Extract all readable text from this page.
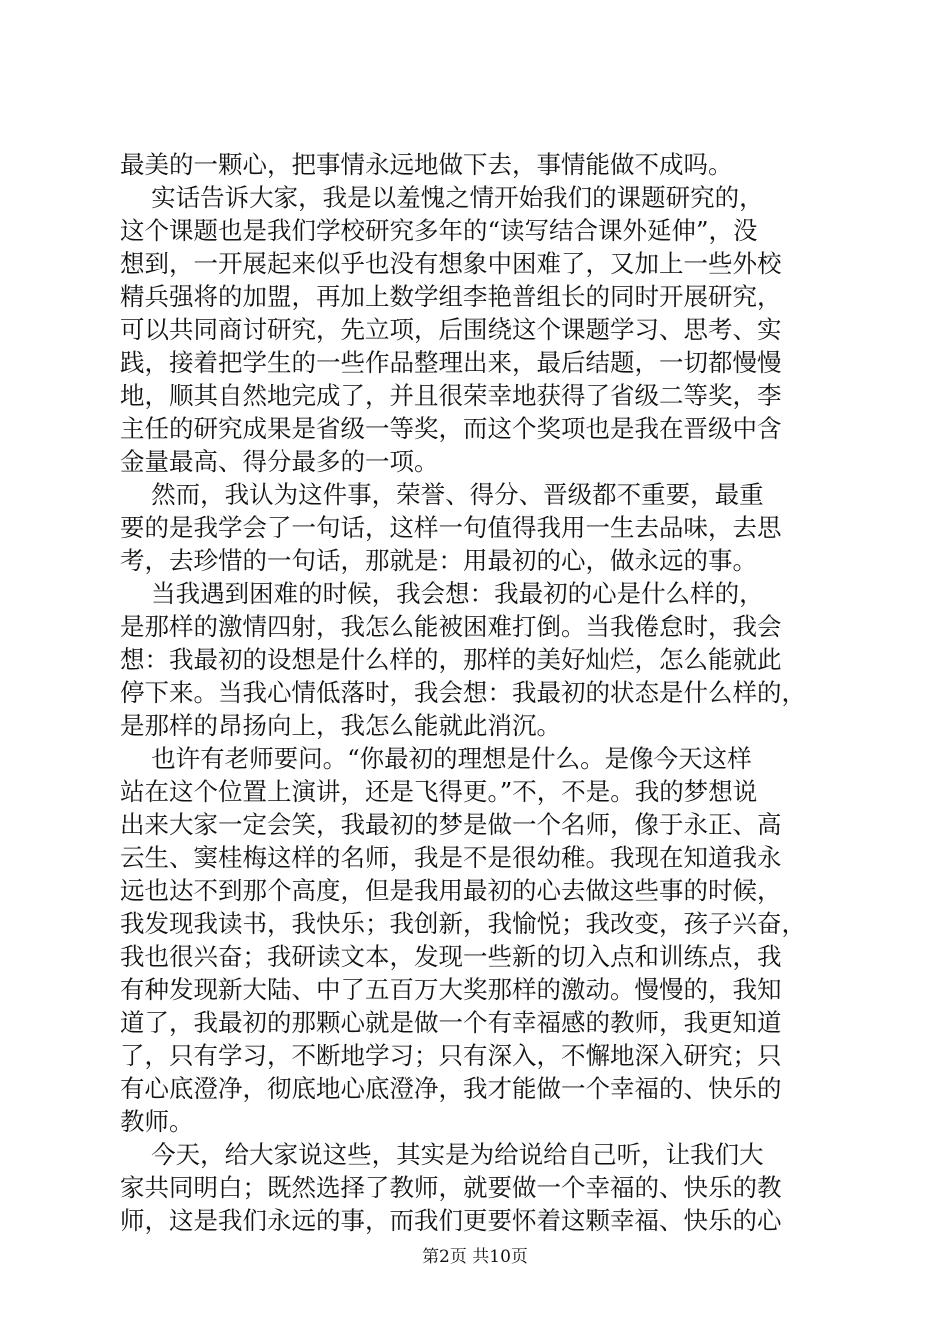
最美的一颗心，把事情永远地做下去，事情能做不成吗。
实话告诉大家，我是以羞愧之情开始我们的课题研究的，
这个课题也是我们学校研究多年的“读写结合课外延伸”，没
想到，一开展起来似乎也没有想象中困难了，又加上一些外校
精兵强将的加盟，再加上数学组李艳普组长的同时开展研究，
可以共同商讨研究，先立项，后围绕这个课题学习、思考、实
践，接着把学生的一些作品整理出来，最后结题，一切都慢慢
地，顺其自然地完成了，并且很荣幸地获得了省级二等奖，李
主任的研究成果是省级一等奖，而这个奖项也是我在晋级中含
金量最高、得分最多的一项。
然而，我认为这件事，荣誉、得分、晋级都不重要，最重
要的是我学会了一句话，这样一句值得我用一生去品味，去思
考，去珍惜的一句话，那就是：用最初的心，做永远的事。
当我遇到困难的时候，我会想：我最初的心是什么样的，
是那样的激情四射，我怎么能被困难打倒。当我倦怠时，我会
想：我最初的设想是什么样的，那样的美好灿烂，怎么能就此
停下来。当我心情低落时，我会想：我最初的状态是什么样的，
是那样的昂扬向上，我怎么能就此消沉。
也许有老师要问。“你最初的理想是什么。是像今天这样
站在这个位置上演讲，还是飞得更。”不，不是。我的梦想说
出来大家一定会笑，我最初的梦是做一个名师，像于永正、高
云生、窦桂梅这样的名师，我是不是很幼稚。我现在知道我永
远也达不到那个高度，但是我用最初的心去做这些事的时候，
我发现我读书，我快乐；我创新，我愉悦；我改变，孩子兴奋，
我也很兴奋；我研读文本，发现一些新的切入点和训练点，我
有种发现新大陆、中了五百万大奖那样的激动。慢慢的，我知
道了，我最初的那颗心就是做一个有幸福感的教师，我更知道
了，只有学习，不断地学习；只有深入，不懈地深入研究；只
有心底澄净，彻底地心底澄净，我才能做一个幸福的、快乐的
教师。
今天，给大家说这些，其实是为给说给自己听，让我们大
家共同明白；既然选择了教师，就要做一个幸福的、快乐的教
师，这是我们永远的事，而我们更要怀着这颗幸福、快乐的心
第2页 共10页
